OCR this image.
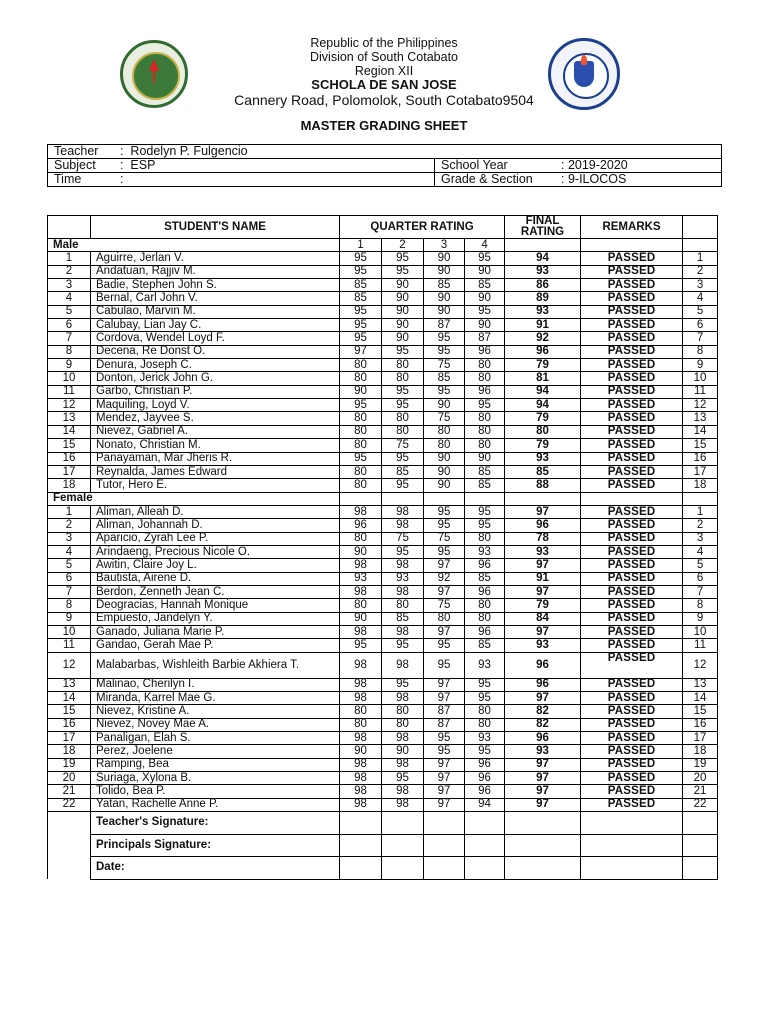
Republic of the Philippines
Division of South Cotabato
Region XII
SCHOLA DE SAN JOSE
Cannery Road, Polomolok, South Cotabato9504
MASTER GRADING SHEET
Teacher :  Rodelyn P. Fulgencio	
Subject :  ESP	School Year : 2019-2020
Time :	Grade & Section : 9-ILOCOS
	STUDENT'S NAME	QUARTER RATING				FINAL RATING	REMARKS	
Male		1	2	3	4			
1	Aguirre, Jerlan V.	95	95	90	95	94	PASSED	1
2	Andatuan, Rajjiv M.	95	95	90	90	93	PASSED	2
3	Badie, Stephen John S.	85	90	85	85	86	PASSED	3
4	Bernal, Carl John V.	85	90	90	90	89	PASSED	4
5	Cabulao, Marvin M.	95	90	90	95	93	PASSED	5
6	Calubay, Lian Jay C.	95	90	87	90	91	PASSED	6
7	Cordova, Wendel Loyd F.	95	90	95	87	92	PASSED	7
8	Decena, Re Donst O.	97	95	95	96	96	PASSED	8
9	Denura, Joseph C.	80	80	75	80	79	PASSED	9
10	Donton, Jerick John G.	80	80	85	80	81	PASSED	10
11	Garbo, Christian P.	90	95	95	96	94	PASSED	11
12	Maquiling, Loyd V.	95	95	90	95	94	PASSED	12
13	Mendez, Jayvee S.	80	80	75	80	79	PASSED	13
14	Nievez, Gabriel A.	80	80	80	80	80	PASSED	14
15	Nonato, Christian M.	80	75	80	80	79	PASSED	15
16	Panayaman, Mar Jheris R.	95	95	90	90	93	PASSED	16
17	Reynalda, James Edward	80	85	90	85	85	PASSED	17
18	Tutor, Hero E.	80	95	90	85	88	PASSED	18
Female								
1	Aliman, Alleah D.	98	98	95	95	97	PASSED	1
2	Aliman, Johannah D.	96	98	95	95	96	PASSED	2
3	Aparicio, Zyrah Lee P.	80	75	75	80	78	PASSED	3
4	Arindaeng, Precious Nicole O.	90	95	95	93	93	PASSED	4
5	Awitin, Claire Joy L.	98	98	97	96	97	PASSED	5
6	Bautista, Airene D.	93	93	92	85	91	PASSED	6
7	Berdon, Zenneth Jean C.	98	98	97	96	97	PASSED	7
8	Deogracias, Hannah Monique	80	80	75	80	79	PASSED	8
9	Empuesto, Jandelyn Y.	90	85	80	80	84	PASSED	9
10	Ganado, Juliana Marie P.	98	98	97	96	97	PASSED	10
11	Gandao, Gerah Mae P.	95	95	95	85	93	PASSED	11
12	Malabarbas, Wishleith Barbie Akhiera T.	98	98	95	93	96	PASSED	12
13	Malinao, Cherilyn I.	98	95	97	95	96	PASSED	13
14	Miranda, Karrel Mae G.	98	98	97	95	97	PASSED	14
15	Nievez, Kristine A.	80	80	87	80	82	PASSED	15
16	Nievez, Novey Mae A.	80	80	87	80	82	PASSED	16
17	Panaligan, Elah S.	98	98	95	93	96	PASSED	17
18	Perez, Joelene	90	90	95	95	93	PASSED	18
19	Ramping, Bea	98	98	97	96	97	PASSED	19
20	Suriaga, Xylona B.	98	95	97	96	97	PASSED	20
21	Tolido, Bea P.	98	98	97	96	97	PASSED	21
22	Yatan, Rachelle Anne P.	98	98	97	94	97	PASSED	22
	Teacher's Signature:							
	Principals Signature:							
	Date:							
